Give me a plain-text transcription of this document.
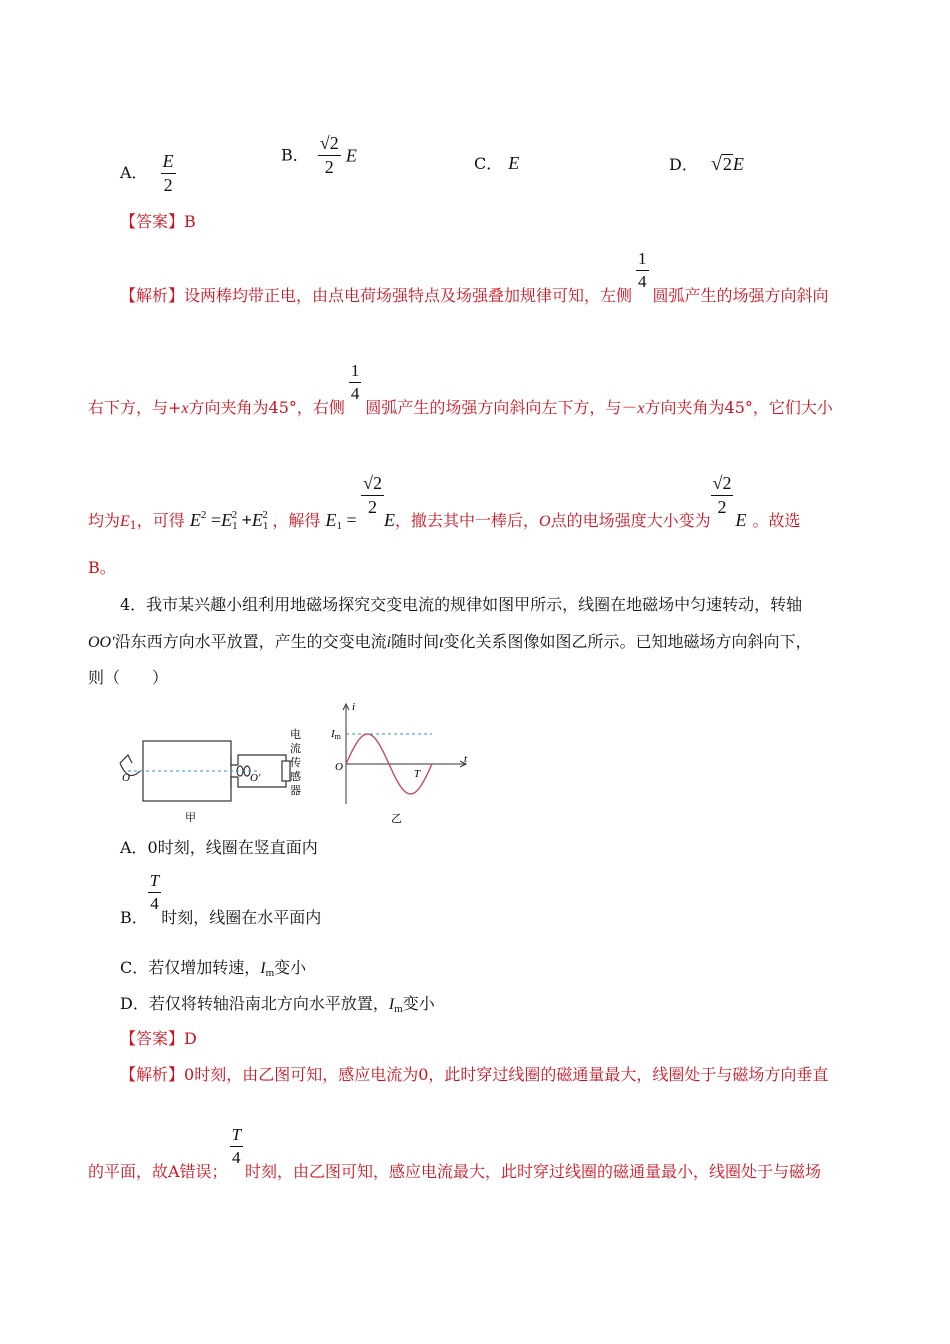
A． $\frac{E}{2}$	B． $\frac{√2}{2}$ E	C． E	D． √2E
【答案】B
【解析】设两棒均带正电，由点电荷场强特点及场强叠加规律可知，左侧
$\frac{1}{4}$
圆弧产生的场强方向斜向
右下方，与+x方向夹角为45°，右侧
$\frac{1}{4}$
圆弧产生的场强方向斜向左下方，与－x方向夹角为45°，它们大小
均为$E_1$，可得 $E^2 =E1^2 +E1^2$ ，解得 E1 =
$\frac{√2}{2}$
E，撤去其中一棒后，O点的电场强度大小变为
$\frac{√2}{2}$
E 。故选
B。
4．我市某兴趣小组利用地磁场探究交变电流的规律如图甲所示，线圈在地磁场中匀速转动，转轴
OO′沿东西方向水平放置，产生的交变电流i随时间t变化关系图像如图乙所示。已知地磁场方向斜向下，
则（　　）
O	O′
电
流
传
感
器
甲
i
t
O
Im
T
乙
A．0时刻，线圈在竖直面内
B．
$\frac{T}{4}$
时刻，线圈在水平面内
C．若仅增加转速，Im变小
D．若仅将转轴沿南北方向水平放置，Im变小
【答案】D
【解析】0时刻，由乙图可知，感应电流为0，此时穿过线圈的磁通量最大，线圈处于与磁场方向垂直
的平面，故A错误；
$\frac{T}{4}$
时刻，由乙图可知，感应电流最大，此时穿过线圈的磁通量最小，线圈处于与磁场
